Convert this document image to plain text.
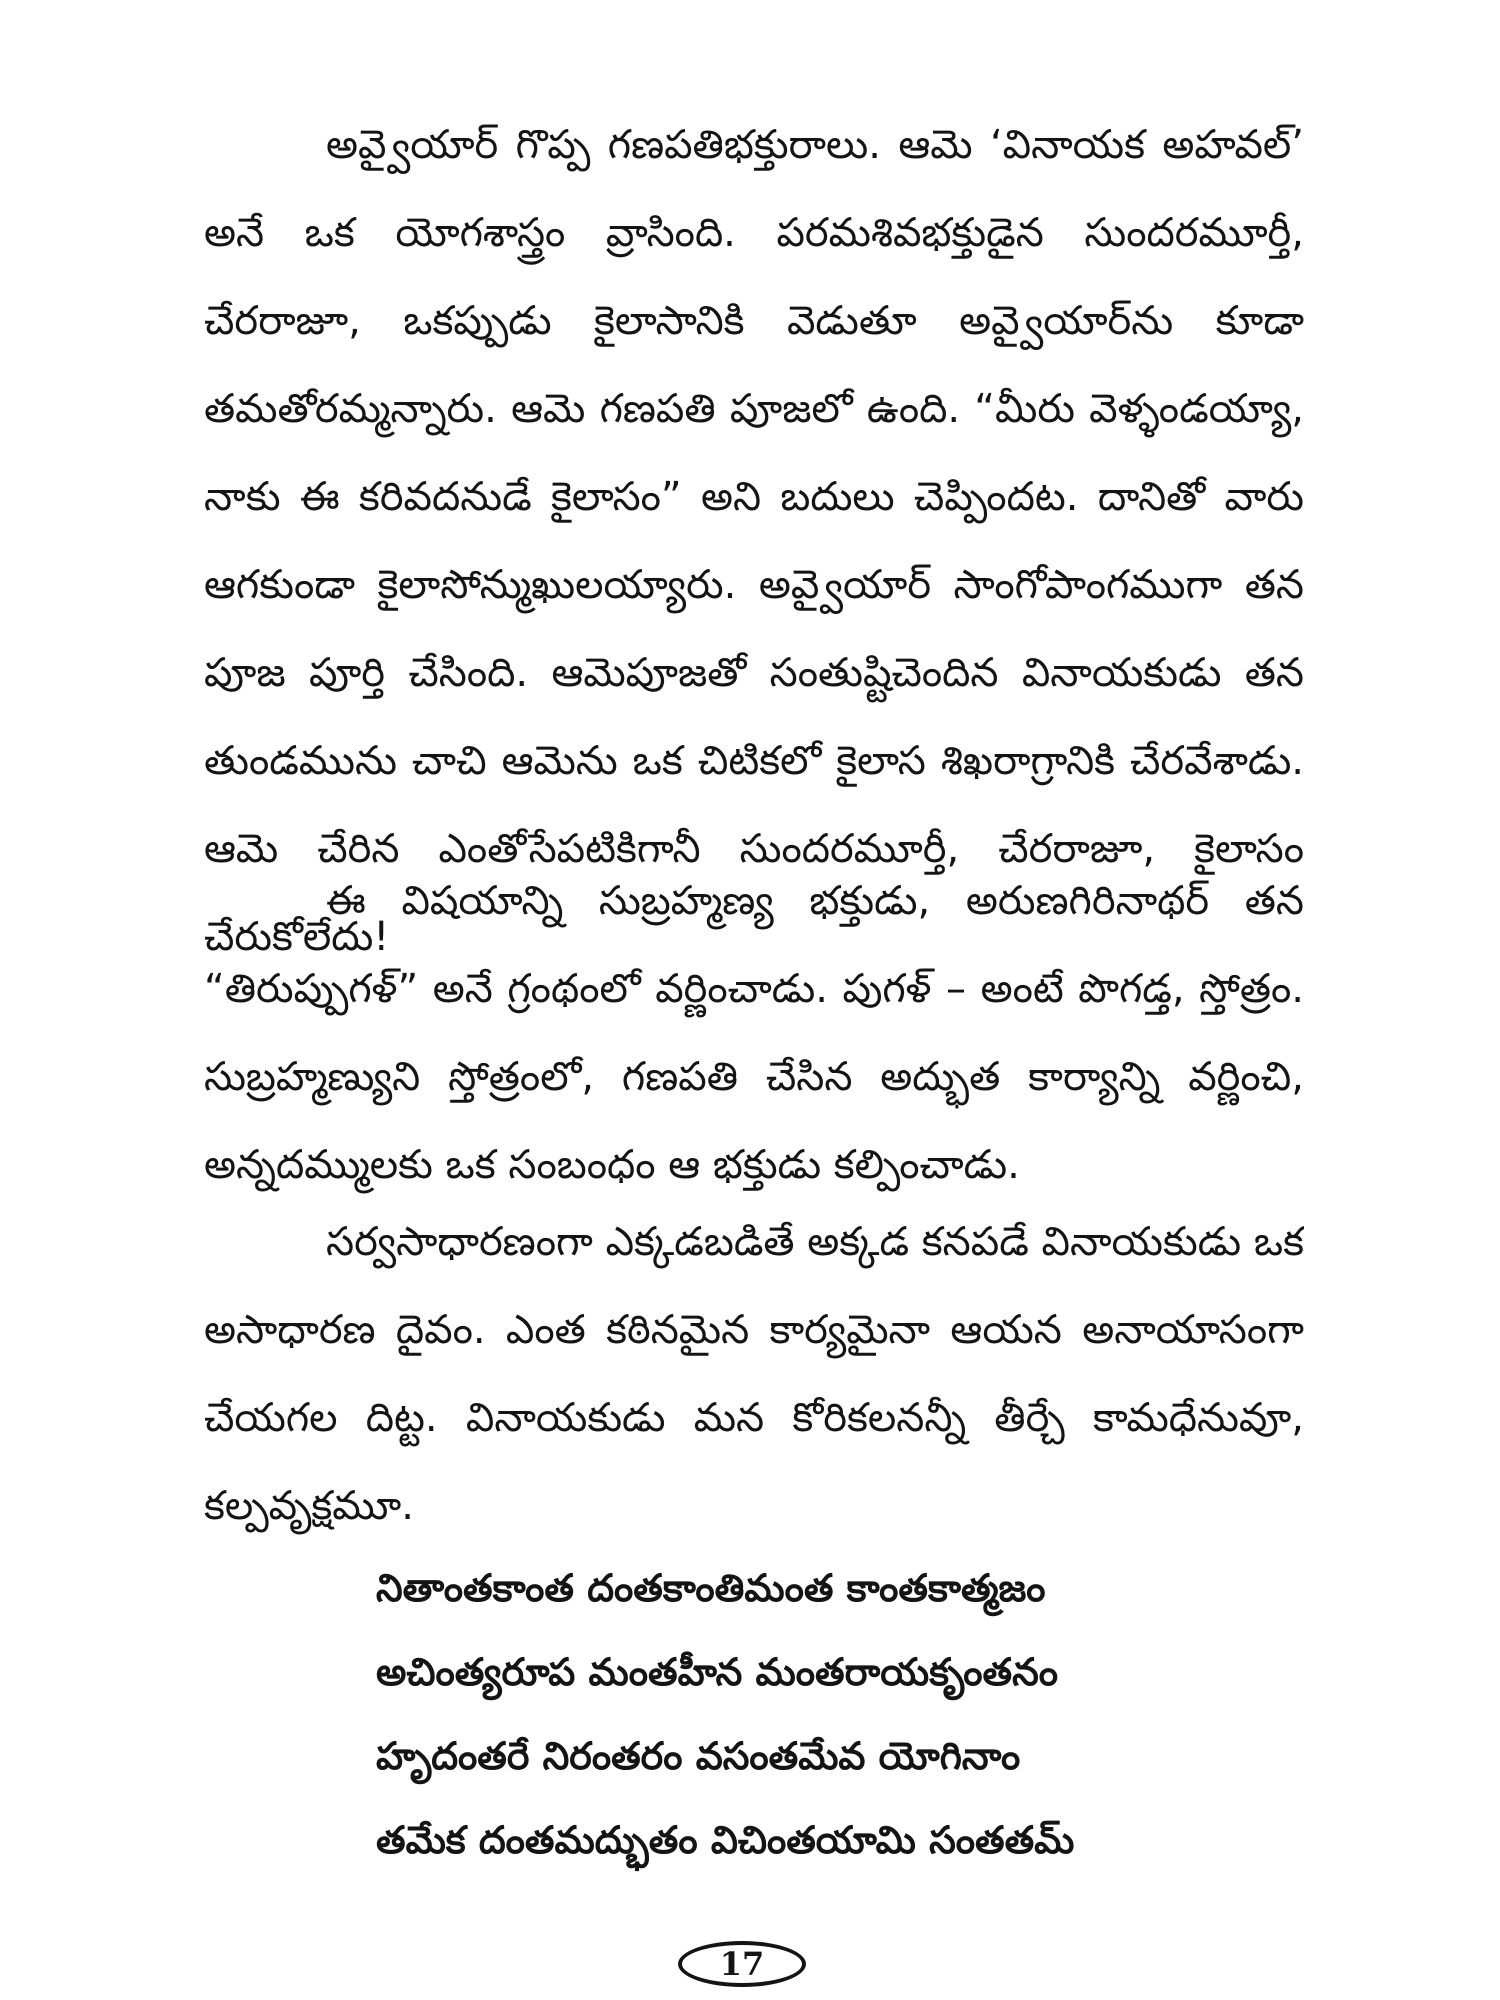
అవ్వైయార్ గొప్ప గణపతిభక్తురాలు. ఆమె ‘వినాయక అహవల్’
అనే ఒక యోగశాస్త్రం వ్రాసింది. పరమశివభక్తుడైన సుందరమూర్తీ,
చేరరాజూ, ఒకప్పుడు కైలాసానికి వెడుతూ అవ్వైయార్‌ను కూడా
తమతోరమ్మన్నారు. ఆమె గణపతి పూజలో ఉంది. “మీరు వెళ్ళండయ్యా,
నాకు ఈ కరివదనుడే కైలాసం” అని బదులు చెప్పిందట. దానితో వారు
ఆగకుండా కైలాసోన్ముఖులయ్యారు. అవ్వైయార్ సాంగోపాంగముగా తన
పూజ పూర్తి చేసింది. ఆమెపూజతో సంతుష్టిచెందిన వినాయకుడు తన
తుండమును చాచి ఆమెను ఒక చిటికలో కైలాస శిఖరాగ్రానికి చేరవేశాడు.
ఆమె చేరిన ఎంతోసేపటికిగానీ సుందరమూర్తీ, చేరరాజూ, కైలాసం
చేరుకోలేదు!
ఈ విషయాన్ని సుబ్రహ్మణ్య భక్తుడు, అరుణగిరినాథర్ తన
“తిరుప్పుగళ్” అనే గ్రంథంలో వర్ణించాడు. పుగళ్ – అంటే పొగడ్త, స్తోత్రం.
సుబ్రహ్మణ్యుని స్తోత్రంలో, గణపతి చేసిన అద్భుత కార్యాన్ని వర్ణించి,
అన్నదమ్ములకు ఒక సంబంధం ఆ భక్తుడు కల్పించాడు.
సర్వసాధారణంగా ఎక్కడబడితే అక్కడ కనపడే వినాయకుడు ఒక
అసాధారణ దైవం. ఎంత కఠినమైన కార్యమైనా ఆయన అనాయాసంగా
చేయగల దిట్ట. వినాయకుడు మన కోరికలనన్నీ తీర్చే కామధేనువూ,
కల్పవృక్షమూ.
నితాంతకాంత దంతకాంతిమంత కాంతకాత్మజం
అచింత్యరూప మంతహీన మంతరాయకృంతనం
హృదంతరే నిరంతరం వసంతమేవ యోగినాం
తమేక దంతమద్భుతం విచింతయామి సంతతమ్
17
